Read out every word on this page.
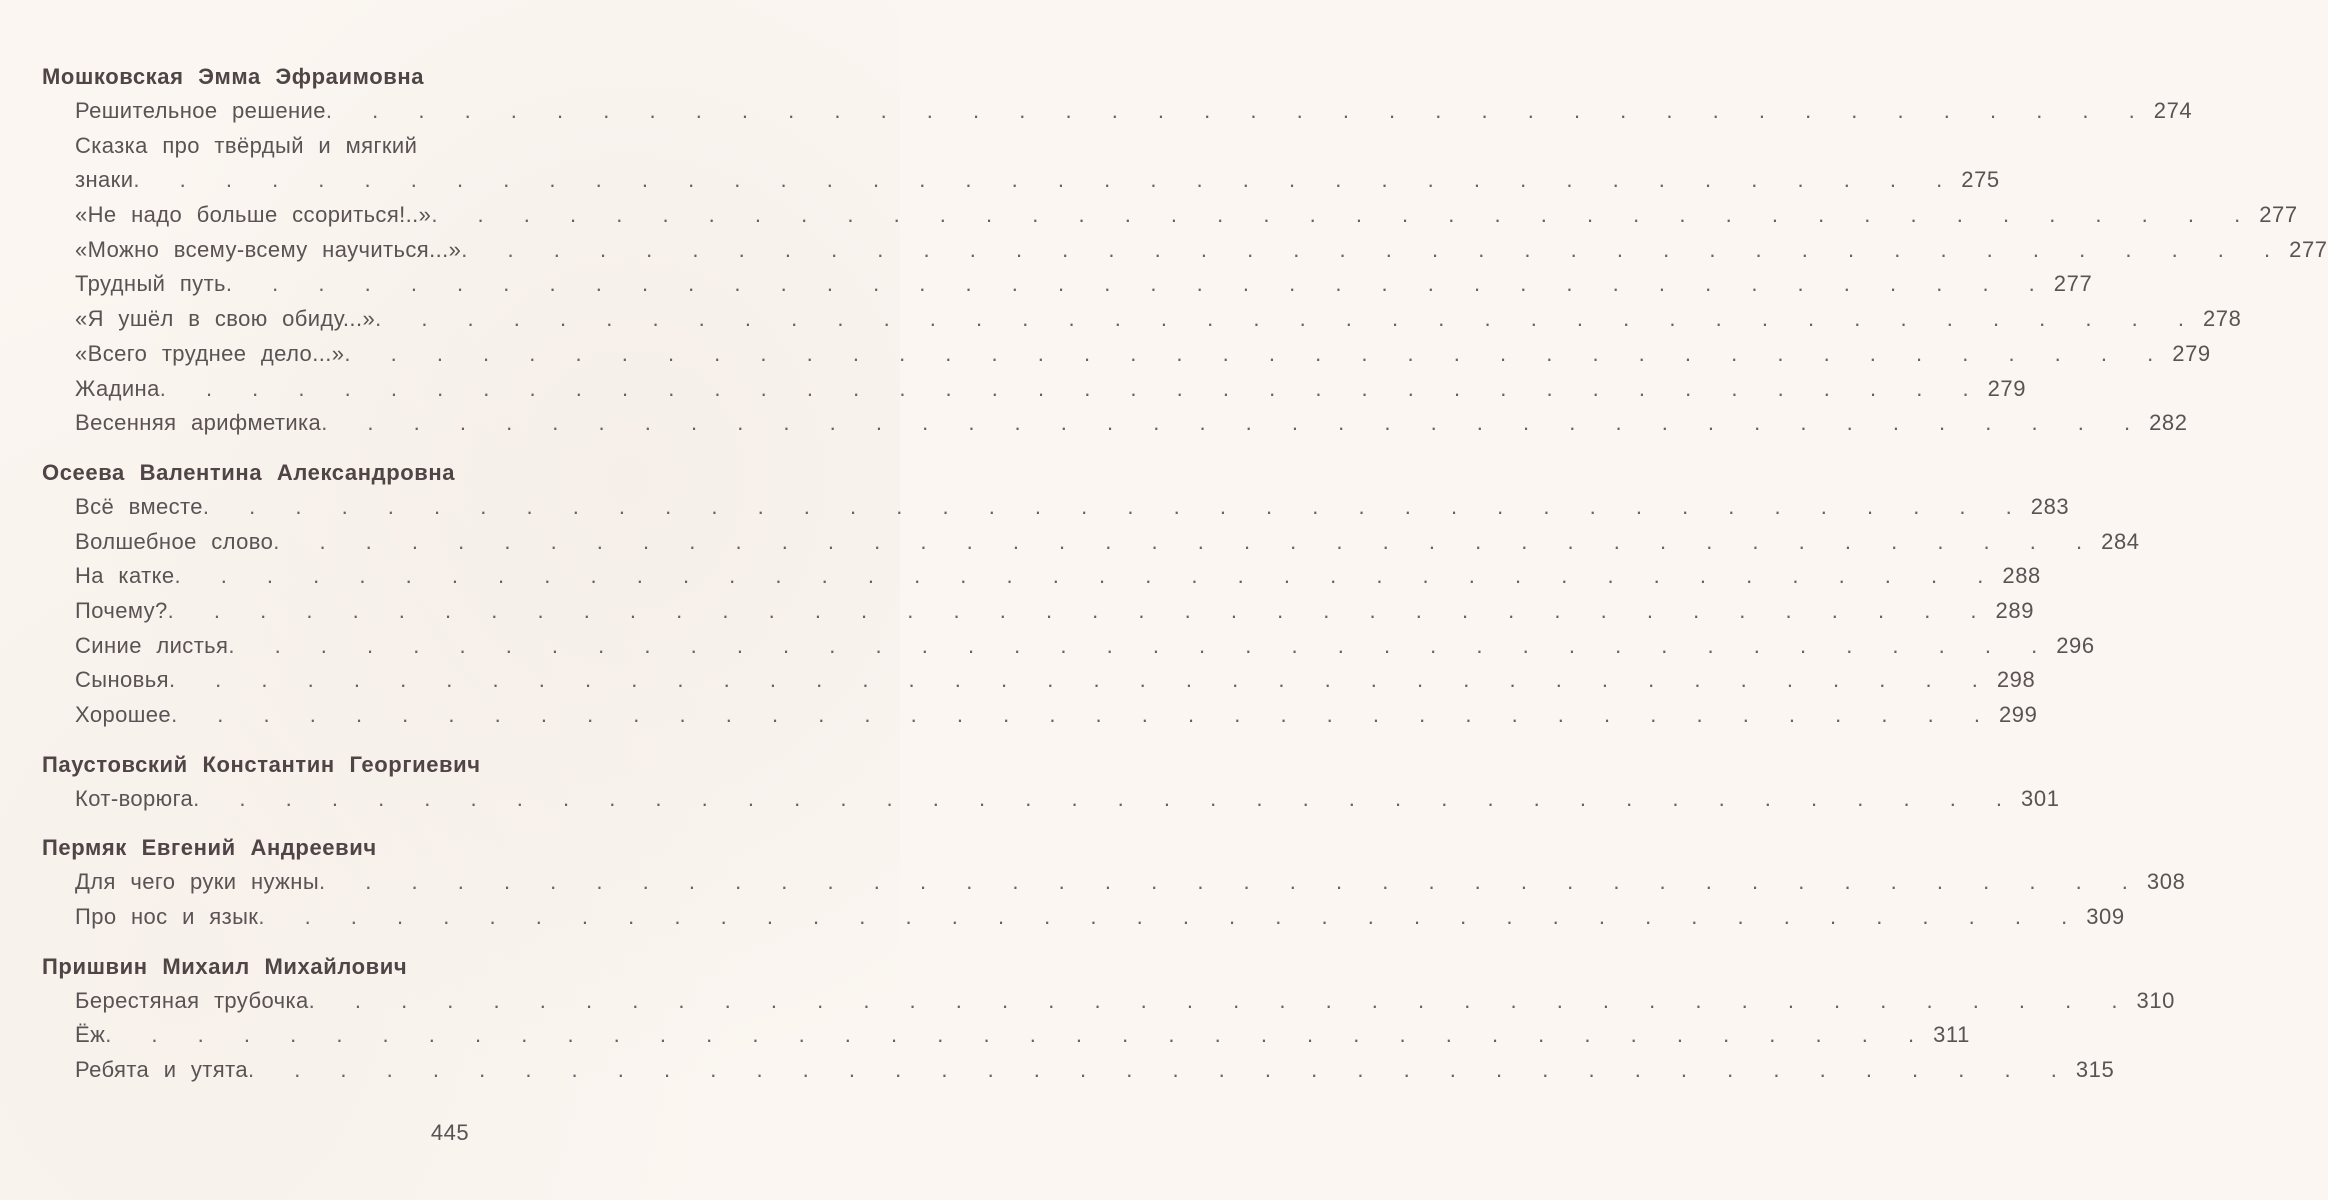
Мошковская Эмма Эфраимовна
Решительное решение . . . . . . . . . . . . . . . . . . . . . . . . . . . . . . . . . . . . . . . . 274
Сказка про твёрдый и мягкий
знаки . . . . . . . . . . . . . . . . . . . . . . . . . . . . . . . . . . . . . . . . 275
«Не надо больше ссориться!..» . . . . . . . . . . . . . . . . . . . . . . . . . . . . . . . . . . . . . . . . 277
«Можно всему-всему научиться...» . . . . . . . . . . . . . . . . . . . . . . . . . . . . . . . . . . . . . . . . 277
Трудный путь . . . . . . . . . . . . . . . . . . . . . . . . . . . . . . . . . . . . . . . . 277
«Я ушёл в свою обиду...» . . . . . . . . . . . . . . . . . . . . . . . . . . . . . . . . . . . . . . . . 278
«Всего труднее дело...» . . . . . . . . . . . . . . . . . . . . . . . . . . . . . . . . . . . . . . . . 279
Жадина . . . . . . . . . . . . . . . . . . . . . . . . . . . . . . . . . . . . . . . . 279
Весенняя арифметика . . . . . . . . . . . . . . . . . . . . . . . . . . . . . . . . . . . . . . . . 282
Осеева Валентина Александровна
Всё вместе . . . . . . . . . . . . . . . . . . . . . . . . . . . . . . . . . . . . . . . . 283
Волшебное слово . . . . . . . . . . . . . . . . . . . . . . . . . . . . . . . . . . . . . . . . 284
На катке . . . . . . . . . . . . . . . . . . . . . . . . . . . . . . . . . . . . . . . . 288
Почему? . . . . . . . . . . . . . . . . . . . . . . . . . . . . . . . . . . . . . . . . 289
Синие листья . . . . . . . . . . . . . . . . . . . . . . . . . . . . . . . . . . . . . . . . 296
Сыновья . . . . . . . . . . . . . . . . . . . . . . . . . . . . . . . . . . . . . . . . 298
Хорошее . . . . . . . . . . . . . . . . . . . . . . . . . . . . . . . . . . . . . . . . 299
Паустовский Константин Георгиевич
Кот-ворюга . . . . . . . . . . . . . . . . . . . . . . . . . . . . . . . . . . . . . . . . 301
Пермяк Евгений Андреевич
Для чего руки нужны . . . . . . . . . . . . . . . . . . . . . . . . . . . . . . . . . . . . . . . . 308
Про нос и язык . . . . . . . . . . . . . . . . . . . . . . . . . . . . . . . . . . . . . . . . 309
Пришвин Михаил Михайлович
Берестяная трубочка . . . . . . . . . . . . . . . . . . . . . . . . . . . . . . . . . . . . . . . . 310
Ёж . . . . . . . . . . . . . . . . . . . . . . . . . . . . . . . . . . . . . . . . 311
Ребята и утята . . . . . . . . . . . . . . . . . . . . . . . . . . . . . . . . . . . . . . . . 315
445
